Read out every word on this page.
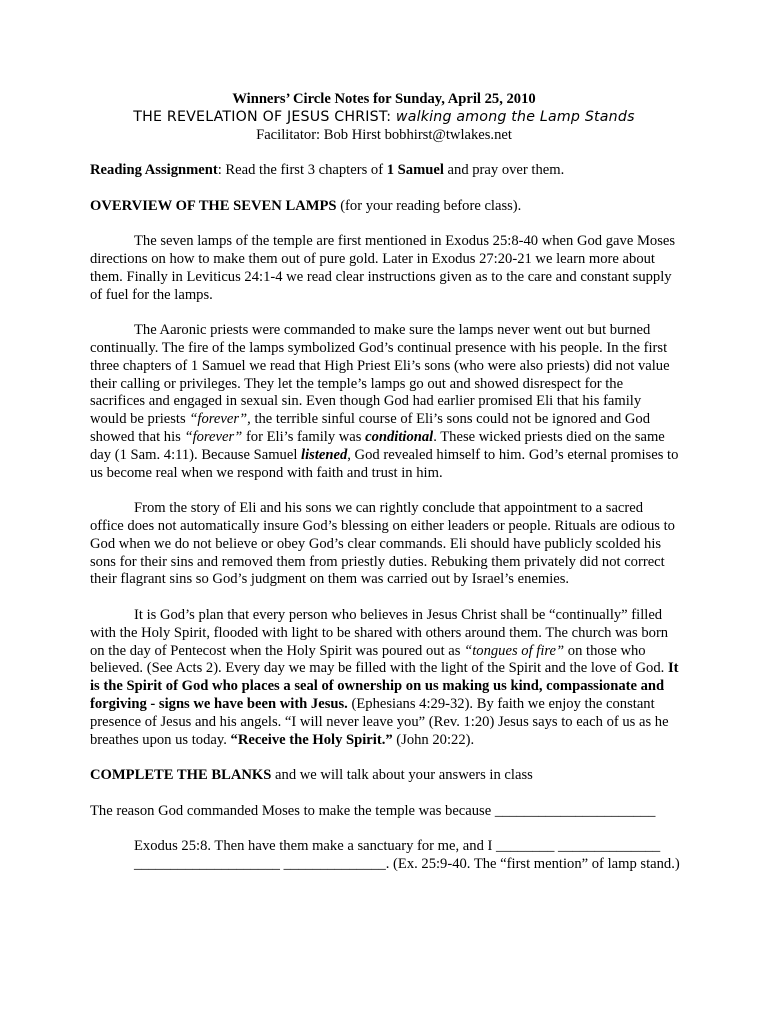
Winners’ Circle Notes for Sunday, April 25, 2010
THE REVELATION OF JESUS CHRIST: walking among the Lamp Stands
Facilitator: Bob Hirst bobhirst@twlakes.net

Reading Assignment: Read the first 3 chapters of 1 Samuel and pray over them.

OVERVIEW OF THE SEVEN LAMPS (for your reading before class).

The seven lamps of the temple are first mentioned in Exodus 25:8-40 when God gave Moses directions on how to make them out of pure gold. Later in Exodus 27:20-21 we learn more about them. Finally in Leviticus 24:1-4 we read clear instructions given as to the care and constant supply of fuel for the lamps.

The Aaronic priests were commanded to make sure the lamps never went out but burned continually. The fire of the lamps symbolized God’s continual presence with his people. In the first three chapters of 1 Samuel we read that High Priest Eli’s sons (who were also priests) did not value their calling or privileges. They let the temple’s lamps go out and showed disrespect for the sacrifices and engaged in sexual sin. Even though God had earlier promised Eli that his family would be priests “forever”, the terrible sinful course of Eli’s sons could not be ignored and God showed that his “forever” for Eli’s family was conditional. These wicked priests died on the same day (1 Sam. 4:11). Because Samuel listened, God revealed himself to him. God’s eternal promises to us become real when we respond with faith and trust in him.

From the story of Eli and his sons we can rightly conclude that appointment to a sacred office does not automatically insure God’s blessing on either leaders or people. Rituals are odious to God when we do not believe or obey God’s clear commands. Eli should have publicly scolded his sons for their sins and removed them from priestly duties. Rebuking them privately did not correct their flagrant sins so God’s judgment on them was carried out by Israel’s enemies.

It is God’s plan that every person who believes in Jesus Christ shall be “continually” filled with the Holy Spirit, flooded with light to be shared with others around them. The church was born on the day of Pentecost when the Holy Spirit was poured out as “tongues of fire” on those who believed. (See Acts 2). Every day we may be filled with the light of the Spirit and the love of God. It is the Spirit of God who places a seal of ownership on us making us kind, compassionate and forgiving - signs we have been with Jesus. (Ephesians 4:29-32). By faith we enjoy the constant presence of Jesus and his angels. “I will never leave you” (Rev. 1:20) Jesus says to each of us as he breathes upon us today. “Receive the Holy Spirit.” (John 20:22).

COMPLETE THE BLANKS and we will talk about your answers in class

The reason God commanded Moses to make the temple was because ______________________

Exodus 25:8. Then have them make a sanctuary for me, and I ________ ______________

____________________ ______________. (Ex. 25:9-40. The “first mention” of lamp stand.)
